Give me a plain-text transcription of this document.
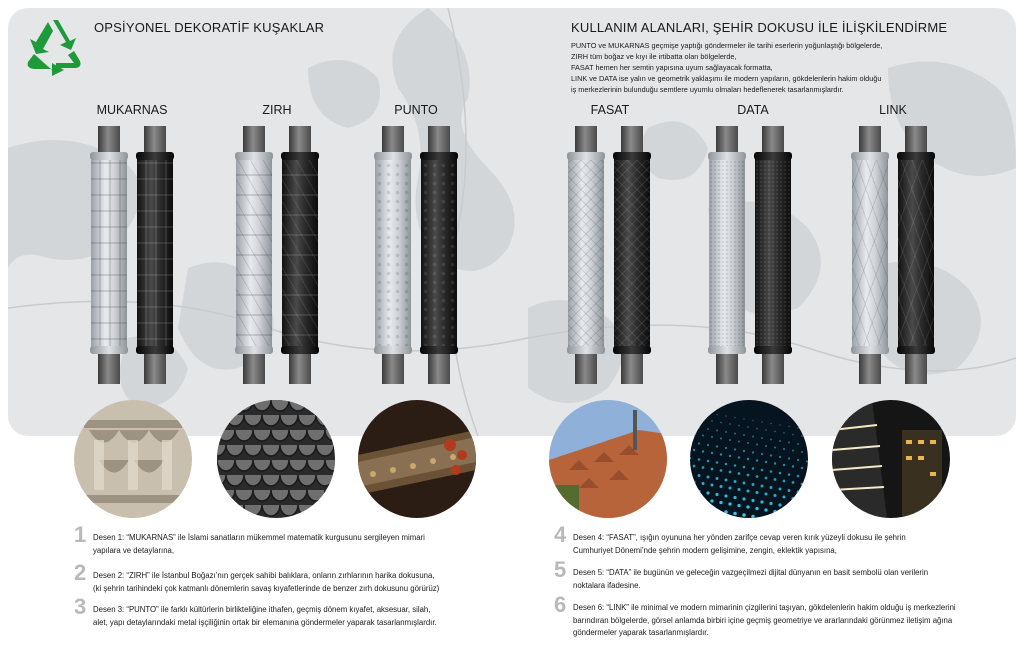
OPSİYONEL DEKORATİF KUŞAKLAR	KULLANIM ALANLARI, ŞEHİR DOKUSU İLE İLİŞKİLENDİRME
PUNTO ve MUKARNAS geçmişe yaptığı göndermeler ile tarihi eserlerin yoğunlaştığı bölgelerde,
ZIRH tüm boğaz ve kıyı ile irtibatta olan bölgelerde,
FASAT hemen her semtin yapısına uyum sağlayacak formatta,
LINK ve DATA ise yalın ve geometrik yaklaşımı ile modern yapıların, gökdelenlerin hakim olduğu
iş merkezlerinin bulunduğu semtlere uyumlu olmaları hedeflenerek tasarlanmışlardır.
MUKARNAS	ZIRH	PUNTO	FASAT	DATA	LINK
1 Desen 1: “MUKARNAS” ile İslami sanatların mükemmel matematik kurgusunu sergileyen mimari
yapılara ve detaylarına,
2 Desen 2: “ZIRH” ile İstanbul Boğazı’nın gerçek sahibi balıklara, onların zırhlarının harika dokusuna,
(ki şehrin tarihindeki çok katmanlı dönemlerin savaş kıyafetlerinde de benzer zırh dokusunu görürüz)
3 Desen 3: “PUNTO” ile farklı kültürlerin birlikteliğine ithafen, geçmiş dönem kıyafet, aksesuar, silah,
alet, yapı detaylarındaki metal işçiliğinin ortak bir elemanına göndermeler yaparak tasarlanmışlardır.
4 Desen 4: “FASAT”, ışığın oyununa her yönden zarifçe cevap veren kırık yüzeyli dokusu ile şehrin
Cumhuriyet Dönemi’nde şehrin modern gelişimine, zengin, eklektik yapısına,
5 Desen 5: “DATA” ile bugünün ve geleceğin vazgeçilmezi dijital dünyanın en basit sembolü olan verilerin
noktalara ifadesine.
6 Desen 6: “LINK” ile minimal ve modern mimarinin çizgilerini taşıyan, gökdelenlerin hakim olduğu iş merkezlerini
barındıran bölgelerde, görsel anlamda birbiri içine geçmiş geometriye ve ararlarındaki görünmez iletişim ağına
göndermeler yaparak tasarlanmışlardır.
